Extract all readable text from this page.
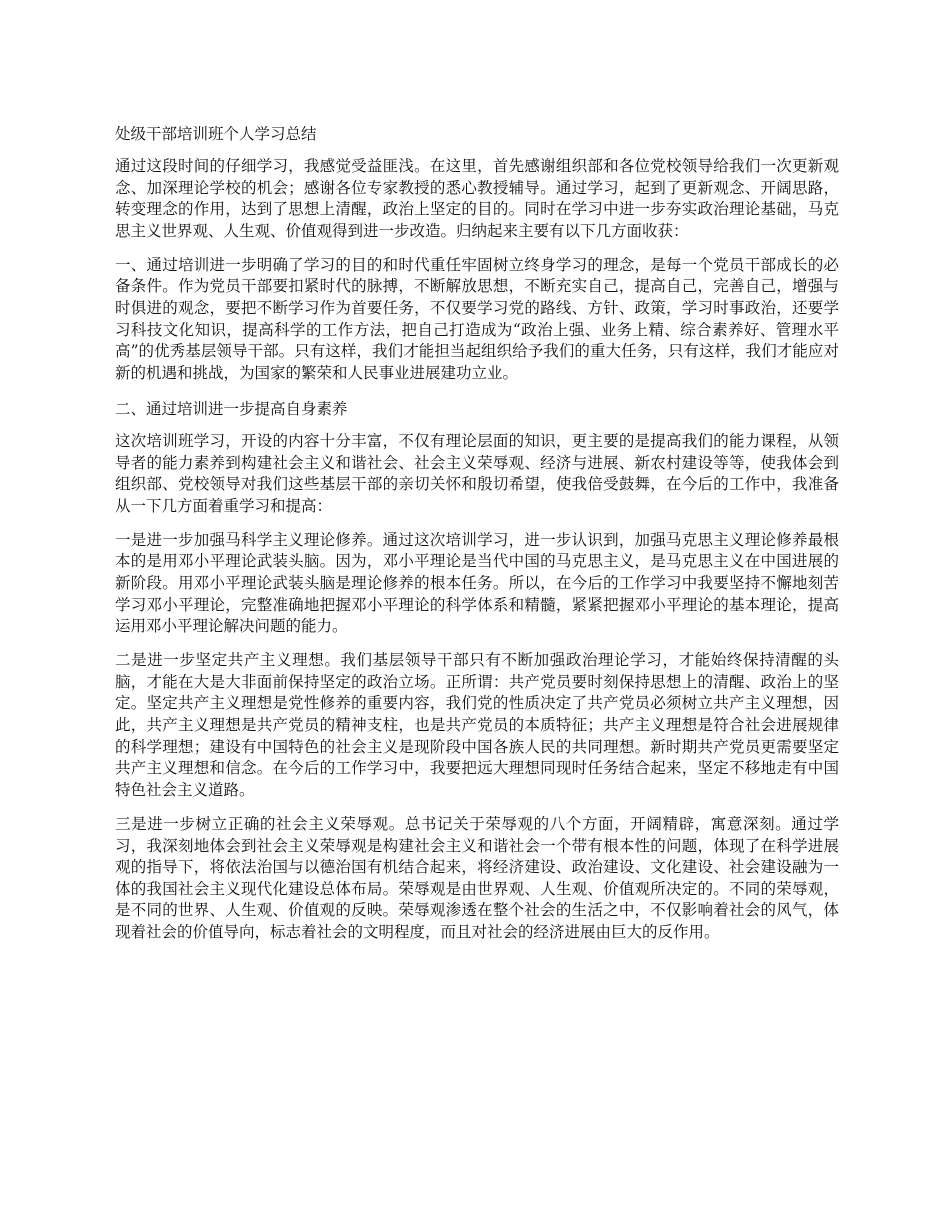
处级干部培训班个人学习总结
通过这段时间的仔细学习，我感觉受益匪浅。在这里，首先感谢组织部和各位党校领导给我们一次更新观念、加深理论学校的机会；感谢各位专家教授的悉心教授辅导。通过学习，起到了更新观念、开阔思路，转变理念的作用，达到了思想上清醒，政治上坚定的目的。同时在学习中进一步夯实政治理论基础，马克思主义世界观、人生观、价值观得到进一步改造。归纳起来主要有以下几方面收获：
一、通过培训进一步明确了学习的目的和时代重任牢固树立终身学习的理念，是每一个党员干部成长的必备条件。作为党员干部要扣紧时代的脉搏，不断解放思想，不断充实自己，提高自己，完善自己，增强与时俱进的观念，要把不断学习作为首要任务，不仅要学习党的路线、方针、政策，学习时事政治，还要学习科技文化知识，提高科学的工作方法，把自己打造成为“政治上强、业务上精、综合素养好、管理水平高”的优秀基层领导干部。只有这样，我们才能担当起组织给予我们的重大任务，只有这样，我们才能应对新的机遇和挑战，为国家的繁荣和人民事业进展建功立业。
二、通过培训进一步提高自身素养
这次培训班学习，开设的内容十分丰富，不仅有理论层面的知识，更主要的是提高我们的能力课程，从领导者的能力素养到构建社会主义和谐社会、社会主义荣辱观、经济与进展、新农村建设等等，使我体会到组织部、党校领导对我们这些基层干部的亲切关怀和殷切希望，使我倍受鼓舞，在今后的工作中，我准备从一下几方面着重学习和提高：
一是进一步加强马科学主义理论修养。通过这次培训学习，进一步认识到，加强马克思主义理论修养最根本的是用邓小平理论武装头脑。因为，邓小平理论是当代中国的马克思主义，是马克思主义在中国进展的新阶段。用邓小平理论武装头脑是理论修养的根本任务。所以，在今后的工作学习中我要坚持不懈地刻苦学习邓小平理论，完整准确地把握邓小平理论的科学体系和精髓，紧紧把握邓小平理论的基本理论，提高运用邓小平理论解决问题的能力。
二是进一步坚定共产主义理想。我们基层领导干部只有不断加强政治理论学习，才能始终保持清醒的头脑，才能在大是大非面前保持坚定的政治立场。正所谓：共产党员要时刻保持思想上的清醒、政治上的坚定。坚定共产主义理想是党性修养的重要内容，我们党的性质决定了共产党员必须树立共产主义理想，因此，共产主义理想是共产党员的精神支柱，也是共产党员的本质特征；共产主义理想是符合社会进展规律的科学理想；建设有中国特色的社会主义是现阶段中国各族人民的共同理想。新时期共产党员更需要坚定共产主义理想和信念。在今后的工作学习中，我要把远大理想同现时任务结合起来，坚定不移地走有中国特色社会主义道路。
三是进一步树立正确的社会主义荣辱观。总书记关于荣辱观的八个方面，开阔精辟，寓意深刻。通过学习，我深刻地体会到社会主义荣辱观是构建社会主义和谐社会一个带有根本性的问题，体现了在科学进展观的指导下，将依法治国与以德治国有机结合起来，将经济建设、政治建设、文化建设、社会建设融为一体的我国社会主义现代化建设总体布局。荣辱观是由世界观、人生观、价值观所决定的。不同的荣辱观，是不同的世界、人生观、价值观的反映。荣辱观渗透在整个社会的生活之中，不仅影响着社会的风气，体现着社会的价值导向，标志着社会的文明程度，而且对社会的经济进展由巨大的反作用。
